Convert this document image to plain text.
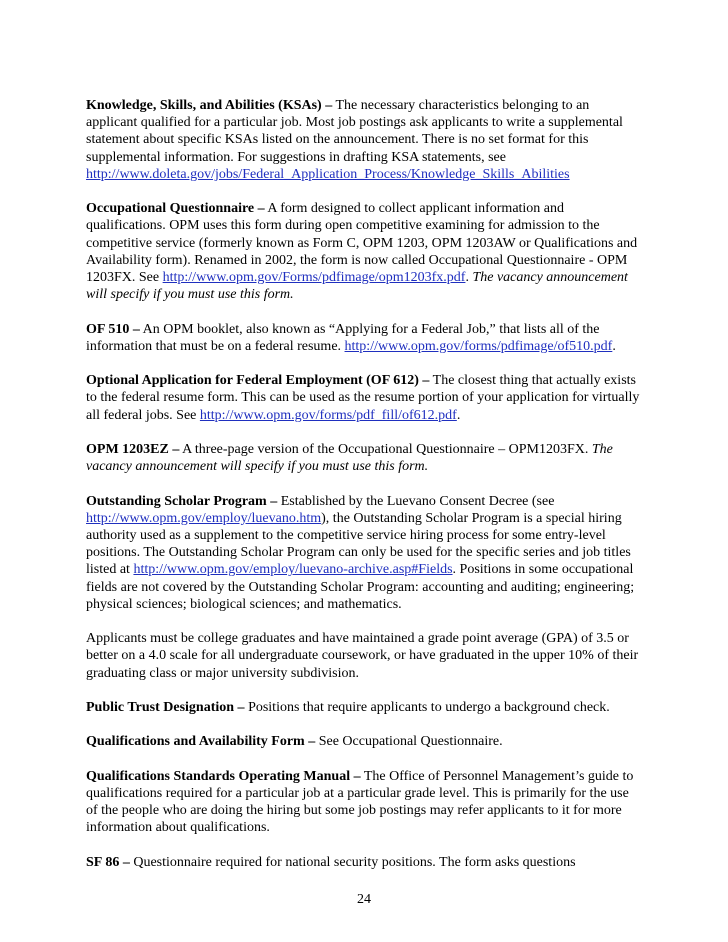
Knowledge, Skills, and Abilities (KSAs) – The necessary characteristics belonging to an applicant qualified for a particular job. Most job postings ask applicants to write a supplemental statement about specific KSAs listed on the announcement. There is no set format for this supplemental information. For suggestions in drafting KSA statements, see http://www.doleta.gov/jobs/Federal_Application_Process/Knowledge_Skills_Abilities

Occupational Questionnaire – A form designed to collect applicant information and qualifications. OPM uses this form during open competitive examining for admission to the competitive service (formerly known as Form C, OPM 1203, OPM 1203AW or Qualifications and Availability form). Renamed in 2002, the form is now called Occupational Questionnaire - OPM 1203FX. See http://www.opm.gov/Forms/pdfimage/opm1203fx.pdf. The vacancy announcement will specify if you must use this form.

OF 510 – An OPM booklet, also known as “Applying for a Federal Job,” that lists all of the information that must be on a federal resume. http://www.opm.gov/forms/pdfimage/of510.pdf.

Optional Application for Federal Employment (OF 612) – The closest thing that actually exists to the federal resume form. This can be used as the resume portion of your application for virtually all federal jobs. See http://www.opm.gov/forms/pdf_fill/of612.pdf.

OPM 1203EZ – A three-page version of the Occupational Questionnaire – OPM1203FX. The vacancy announcement will specify if you must use this form.

Outstanding Scholar Program – Established by the Luevano Consent Decree (see http://www.opm.gov/employ/luevano.htm), the Outstanding Scholar Program is a special hiring authority used as a supplement to the competitive service hiring process for some entry-level positions. The Outstanding Scholar Program can only be used for the specific series and job titles listed at http://www.opm.gov/employ/luevano-archive.asp#Fields. Positions in some occupational fields are not covered by the Outstanding Scholar Program: accounting and auditing; engineering; physical sciences; biological sciences; and mathematics.

Applicants must be college graduates and have maintained a grade point average (GPA) of 3.5 or better on a 4.0 scale for all undergraduate coursework, or have graduated in the upper 10% of their graduating class or major university subdivision.

Public Trust Designation – Positions that require applicants to undergo a background check.

Qualifications and Availability Form – See Occupational Questionnaire.

Qualifications Standards Operating Manual – The Office of Personnel Management’s guide to qualifications required for a particular job at a particular grade level. This is primarily for the use of the people who are doing the hiring but some job postings may refer applicants to it for more information about qualifications.

SF 86 – Questionnaire required for national security positions. The form asks questions

24
